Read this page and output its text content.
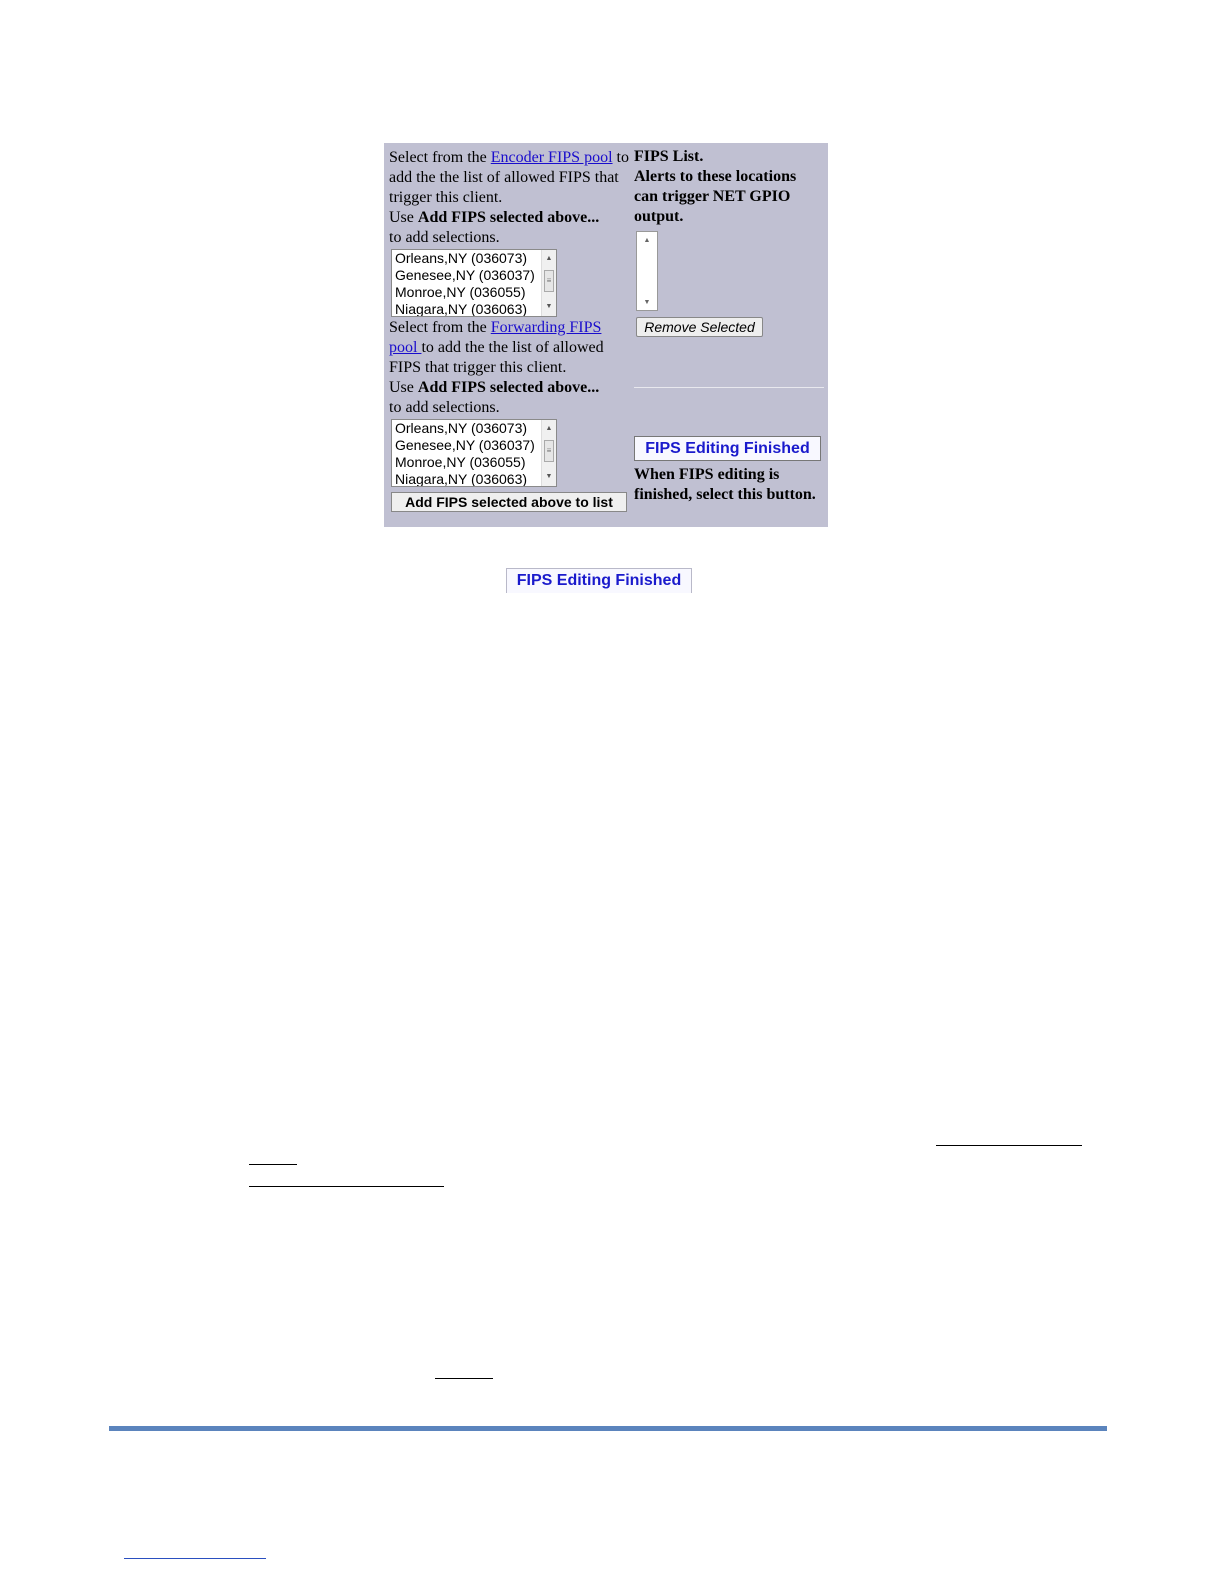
Select from the Encoder FIPS pool to add the the list of allowed FIPS that trigger this client.
Use Add FIPS selected above...
to add selections.
Orleans,NY (036073)
Genesee,NY (036037)
Monroe,NY (036055)
Niagara,NY (036063)
▲
≡
▼
Select from the Forwarding FIPS pool to add the the list of allowed FIPS that trigger this client.
Use Add FIPS selected above...
to add selections.
Orleans,NY (036073)
Genesee,NY (036037)
Monroe,NY (036055)
Niagara,NY (036063)
▲
≡
▼
Add FIPS selected above to list
FIPS List.
Alerts to these locations can trigger NET GPIO output.
▲
▼
Remove Selected
FIPS Editing Finished
When FIPS editing is finished, select this button.
FIPS Editing Finished
